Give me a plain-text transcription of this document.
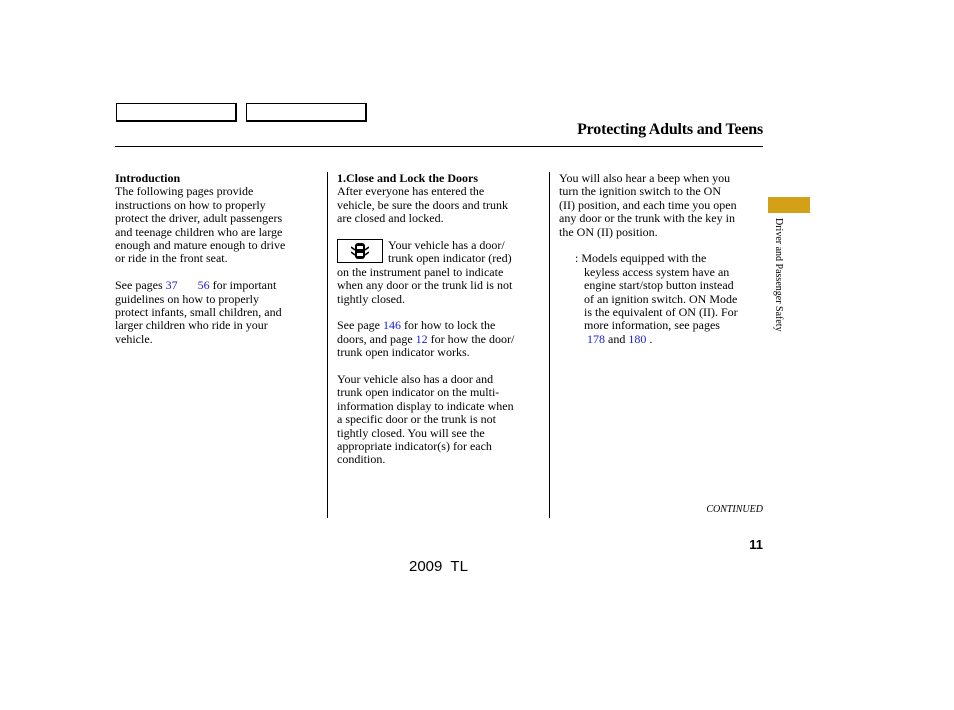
Protecting Adults and Teens

Introduction

The following pages provide

instructions on how to properly

protect the driver, adult passengers

and teenage children who are large

enough and mature enough to drive

or ride in the front seat.

See pages 37 56 for important

guidelines on how to properly

protect infants, small children, and

larger children who ride in your

vehicle.

1.Close and Lock the Doors

After everyone has entered the

vehicle, be sure the doors and trunk

are closed and locked.

Your vehicle has a door/
trunk open indicator (red)

on the instrument panel to indicate

when any door or the trunk lid is not

tightly closed.

See page 146 for how to lock the

doors, and page 12 for how the door/

trunk open indicator works.

Your vehicle also has a door and

trunk open indicator on the multi-

information display to indicate when

a specific door or the trunk is not

tightly closed. You will see the

appropriate indicator(s) for each

condition.

You will also hear a beep when you

turn the ignition switch to the ON

(II) position, and each time you open

any door or the trunk with the key in

the ON (II) position.

: Models equipped with the

keyless access system have an

engine start/stop button instead

of an ignition switch. ON Mode

is the equivalent of ON (II). For

more information, see pages

178 and 180 .

Driver and Passenger Safety
CONTINUED
11
2009  TL
